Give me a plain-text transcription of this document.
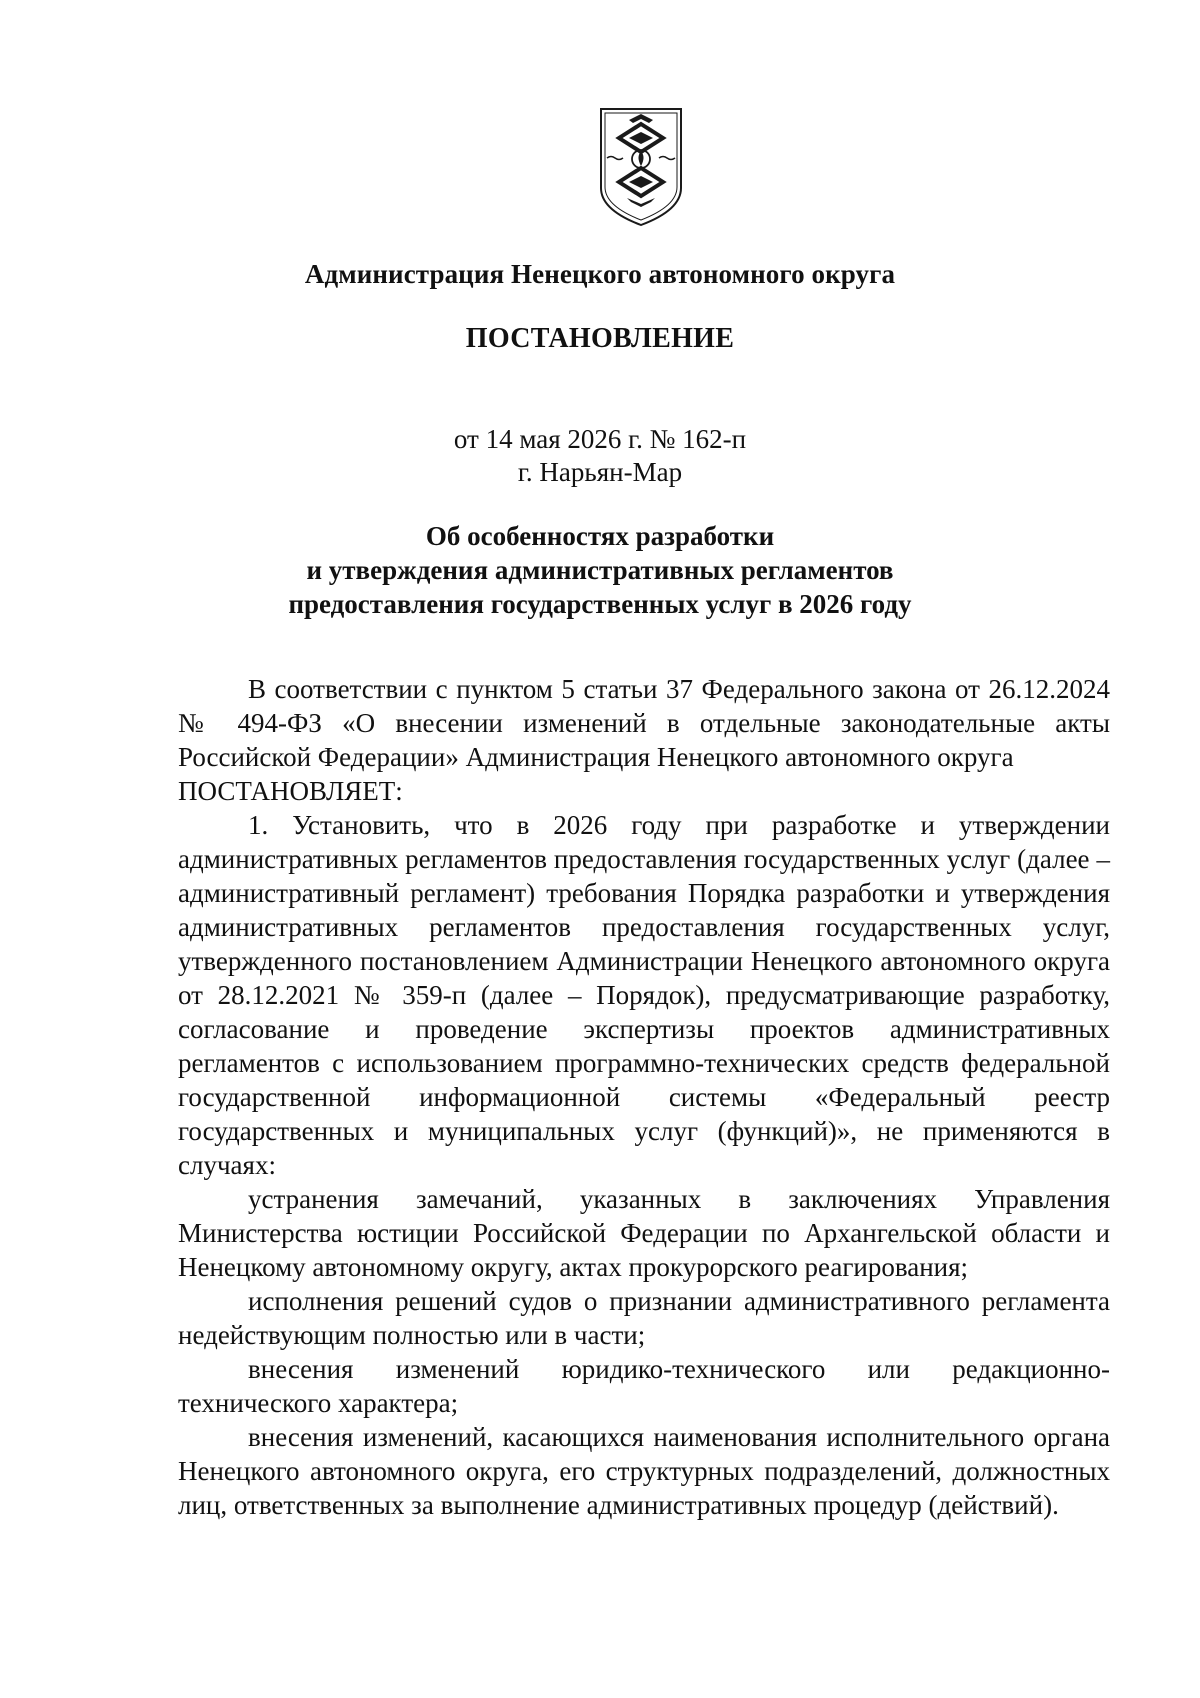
Администрация Ненецкого автономного округа
ПОСТАНОВЛЕНИЕ
от 14 мая 2026 г. № 162-п
г. Нарьян-Мар
Об особенностях разработки
и утверждения административных регламентов
предоставления государственных услуг в 2026 году

В соответствии с пунктом 5 статьи 37 Федерального закона от 26.12.2024 № 494-ФЗ «О внесении изменений в отдельные законодательные акты Российской Федерации» Администрация Ненецкого автономного округа

ПОСТАНОВЛЯЕТ:

1. Установить, что в 2026 году при разработке и утверждении административных регламентов предоставления государственных услуг (далее – административный регламент) требования Порядка разработки и утверждения административных регламентов предоставления государственных услуг, утвержденного постановлением Администрации Ненецкого автономного округа от 28.12.2021 № 359-п (далее – Порядок), предусматривающие разработку, согласование и проведение экспертизы проектов административных регламентов с использованием программно-технических средств федеральной государственной информационной системы «Федеральный реестр государственных и муниципальных услуг (функций)», не применяются в случаях:

устранения замечаний, указанных в заключениях Управления Министерства юстиции Российской Федерации по Архангельской области и Ненецкому автономному округу, актах прокурорского реагирования;

исполнения решений судов о признании административного регламента недействующим полностью или в части;

внесения изменений юридико-технического или редакционно-технического характера;

внесения изменений, касающихся наименования исполнительного органа Ненецкого автономного округа, его структурных подразделений, должностных лиц, ответственных за выполнение административных процедур (действий).
